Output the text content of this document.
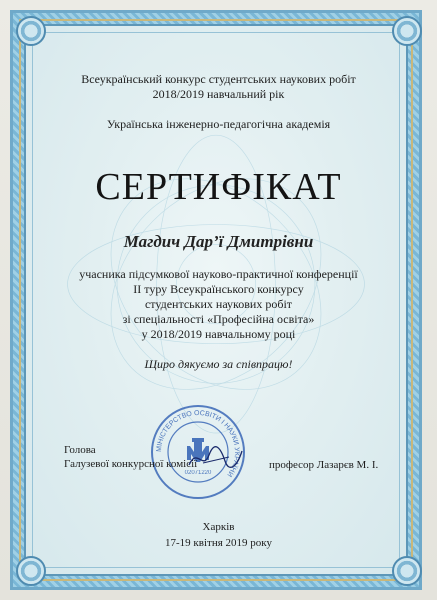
Всеукраїнський конкурс студентських наукових робіт
2018/2019 навчальний рік
Українська інженерно-педагогічна академія
СЕРТИФІКАТ
Магдич Дар’ї Дмитрівни
учасника підсумкової науково-практичної конференції
ІІ туру Всеукраїнського конкурсу
студентських наукових робіт
зі спеціальності «Професійна освіта»
у 2018/2019 навчальному році
Щиро дякуємо за співпрацю!
МІНІСТЕРСТВО ОСВІТИ І НАУКИ УКРАЇНИ
02071220
Голова
Галузевої конкурсної комісії	професор Лазарєв М. І.
Харків
17-19 квітня 2019 року
